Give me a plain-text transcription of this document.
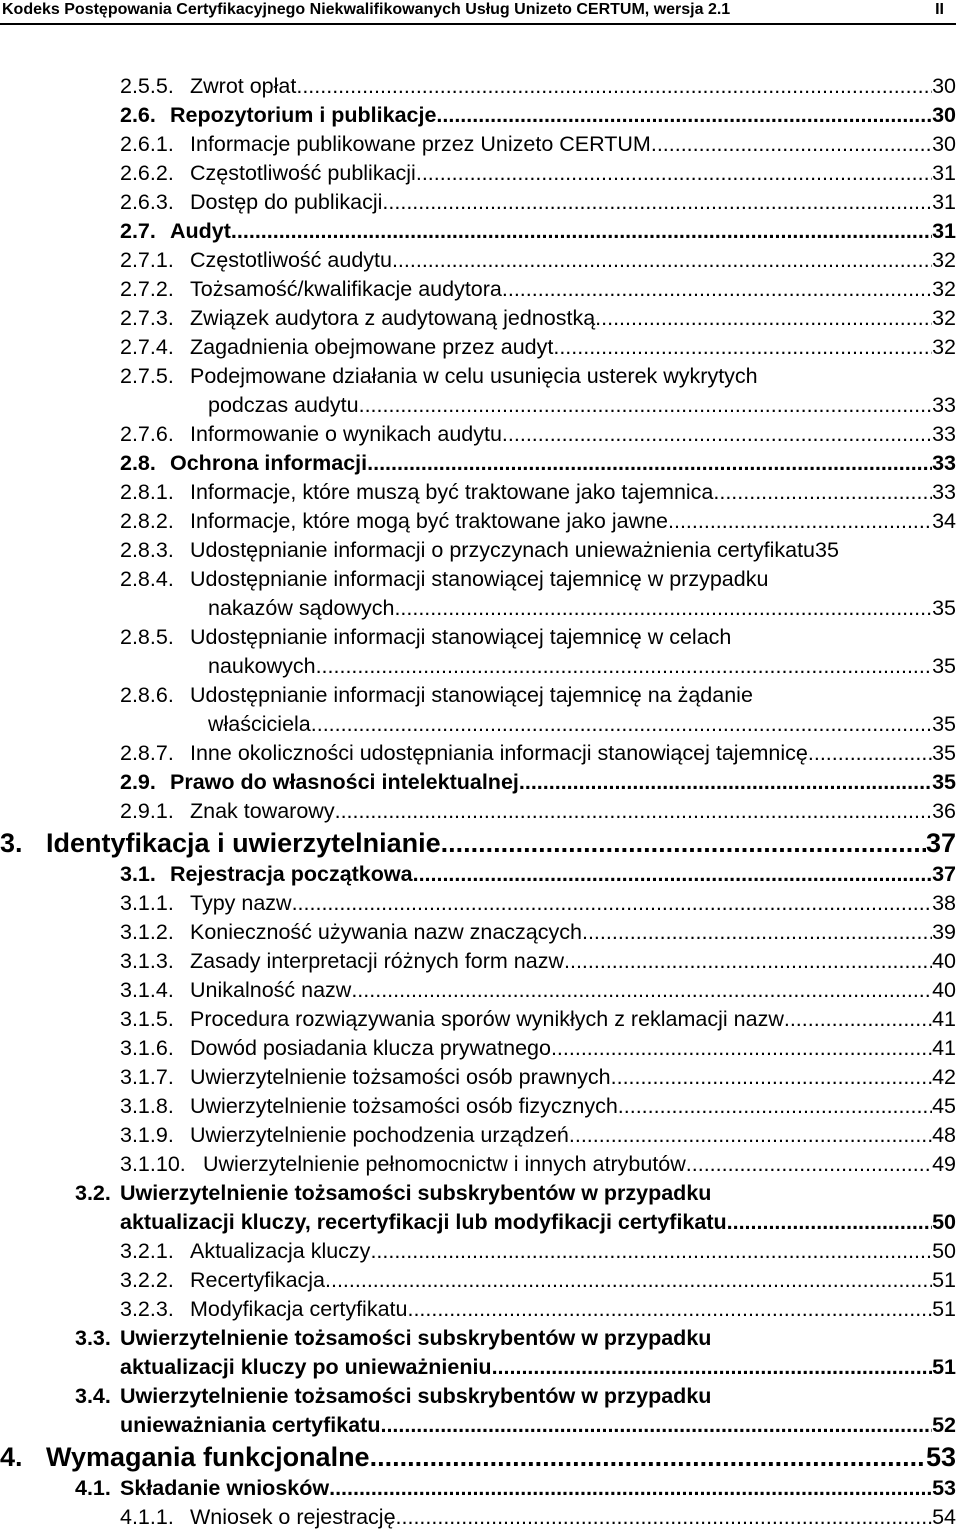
Kodeks Postępowania Certyfikacyjnego Niekwalifikowanych Usług Unizeto CERTUM, wersja 2.1	II
2.5.5. Zwrot opłat .....	30
2.6. Repozytorium i publikacje. .....	30
2.6.1. Informacje publikowane przez Unizeto CERTUM .....	30
2.6.2. Częstotliwość publikacji .....	31
2.6.3. Dostęp do publikacji .....	31
2.7. Audyt .....	31
2.7.1. Częstotliwość audytu .....	32
2.7.2. Tożsamość/kwalifikacje audytora .....	32
2.7.3. Związek audytora z audytowaną jednostką .....	32
2.7.4. Zagadnienia obejmowane przez audyt .....	32
2.7.5. Podejmowane działania w celu usunięcia usterek wykrytych
podczas audytu .....	33
2.7.6. Informowanie o wynikach audytu .....	33
2.8. Ochrona informacji .....	33
2.8.1. Informacje, które muszą być traktowane jako tajemnica .....	33
2.8.2. Informacje, które mogą być traktowane jako jawne .....	34
2.8.3. Udostępnianie informacji o przyczynach unieważnienia certyfikatu 35
2.8.4. Udostępnianie informacji stanowiącej tajemnicę w przypadku
nakazów sądowych .....	35
2.8.5. Udostępnianie informacji stanowiącej tajemnicę w celach
naukowych .....	35
2.8.6. Udostępnianie informacji stanowiącej tajemnicę na żądanie
właściciela .....	35
2.8.7. Inne okoliczności udostępniania informacji stanowiącej tajemnicę .....	35
2.9. Prawo do własności intelektualnej .....	35
2.9.1. Znak towarowy .....	36
3. Identyfikacja i uwierzytelnianie .....	37
3.1. Rejestracja początkowa .....	37
3.1.1. Typy nazw .....	38
3.1.2. Konieczność używania nazw znaczących .....	39
3.1.3. Zasady interpretacji różnych form nazw .....	40
3.1.4. Unikalność nazw .....	40
3.1.5. Procedura rozwiązywania sporów wynikłych z reklamacji nazw .....	41
3.1.6. Dowód posiadania klucza prywatnego .....	41
3.1.7. Uwierzytelnienie tożsamości osób prawnych .....	42
3.1.8. Uwierzytelnienie tożsamości osób fizycznych .....	45
3.1.9. Uwierzytelnienie pochodzenia urządzeń .....	48
3.1.10. Uwierzytelnienie pełnomocnictw i innych atrybutów .....	49
3.2. Uwierzytelnienie tożsamości subskrybentów w przypadku
aktualizacji kluczy, recertyfikacji lub modyfikacji certyfikatu .....	50
3.2.1. Aktualizacja kluczy .....	50
3.2.2. Recertyfikacja .....	51
3.2.3. Modyfikacja certyfikatu .....	51
3.3. Uwierzytelnienie tożsamości subskrybentów w przypadku
aktualizacji kluczy po unieważnieniu .....	51
3.4. Uwierzytelnienie tożsamości subskrybentów w przypadku
unieważniania certyfikatu .....	52
4. Wymagania funkcjonalne .....	53
4.1. Składanie wniosków .....	53
4.1.1. Wniosek o rejestrację .....	54
